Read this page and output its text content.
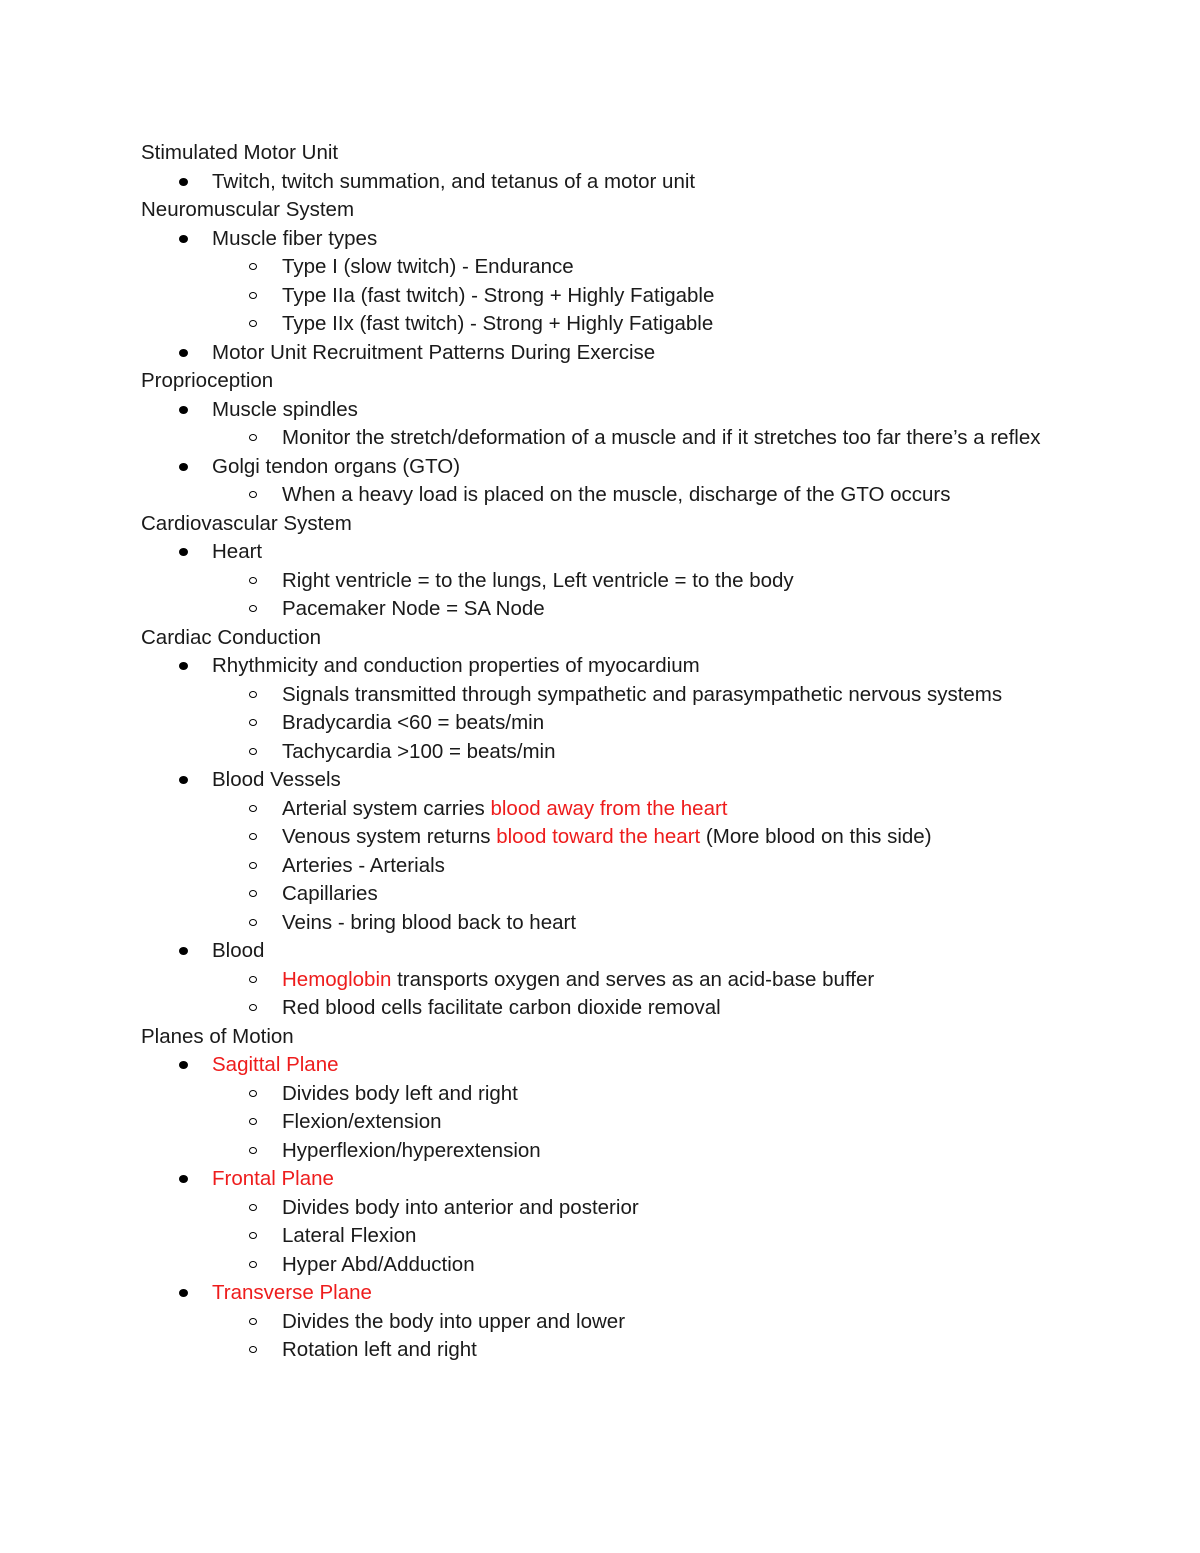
Stimulated Motor Unit
Twitch, twitch summation, and tetanus of a motor unit
Neuromuscular System
Muscle fiber types
Type I (slow twitch) - Endurance
Type IIa (fast twitch) - Strong + Highly Fatigable
Type IIx (fast twitch) - Strong + Highly Fatigable
Motor Unit Recruitment Patterns During Exercise
Proprioception
Muscle spindles
Monitor the stretch/deformation of a muscle and if it stretches too far there’s a reflex
Golgi tendon organs (GTO)
When a heavy load is placed on the muscle, discharge of the GTO occurs
Cardiovascular System
Heart
Right ventricle = to the lungs, Left ventricle = to the body
Pacemaker Node = SA Node
Cardiac Conduction
Rhythmicity and conduction properties of myocardium
Signals transmitted through sympathetic and parasympathetic nervous systems
Bradycardia <60 = beats/min
Tachycardia >100 = beats/min
Blood Vessels
Arterial system carries blood away from the heart
Venous system returns blood toward the heart (More blood on this side)
Arteries - Arterials
Capillaries
Veins - bring blood back to heart
Blood
Hemoglobin transports oxygen and serves as an acid-base buffer
Red blood cells facilitate carbon dioxide removal
Planes of Motion
Sagittal Plane
Divides body left and right
Flexion/extension
Hyperflexion/hyperextension
Frontal Plane
Divides body into anterior and posterior
Lateral Flexion
Hyper Abd/Adduction
Transverse Plane
Divides the body into upper and lower
Rotation left and right
